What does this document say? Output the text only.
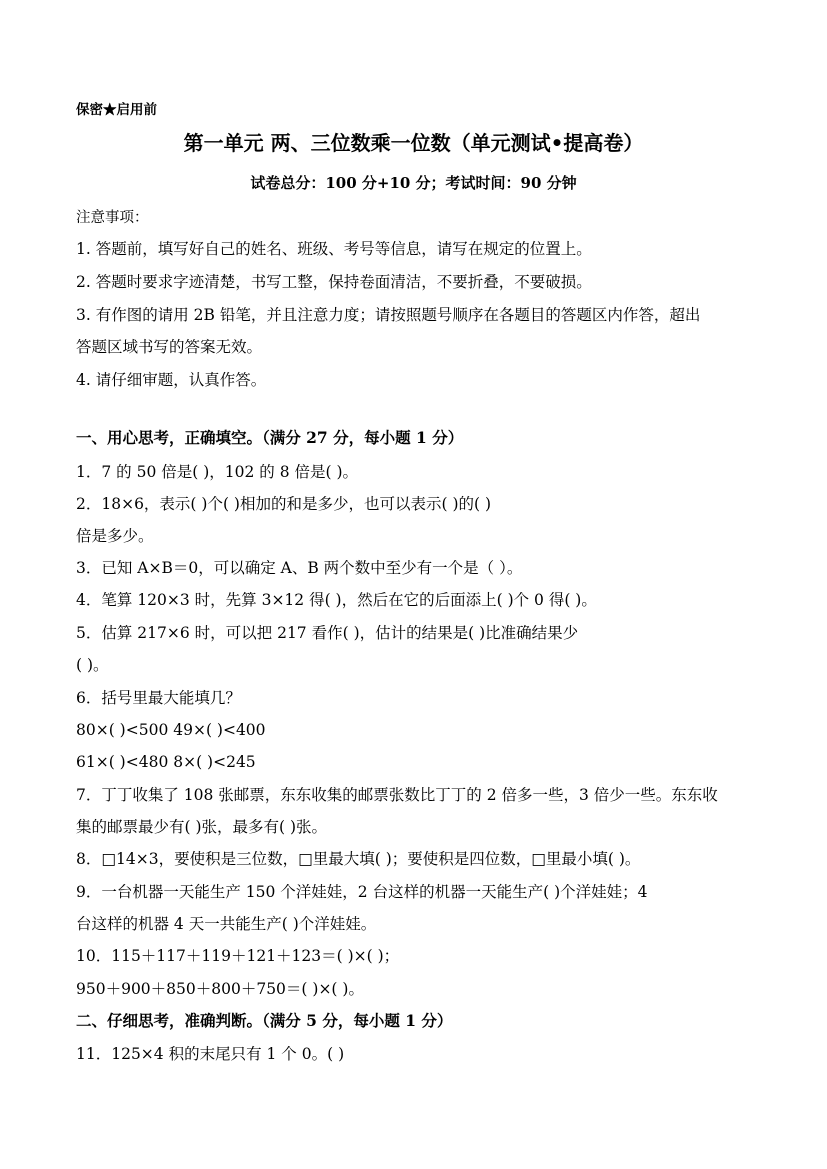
保密★启用前
第一单元 两、三位数乘一位数（单元测试•提高卷）
试卷总分：100 分+10 分；考试时间：90 分钟
注意事项：
1. 答题前，填写好自己的姓名、班级、考号等信息，请写在规定的位置上。
2. 答题时要求字迹清楚，书写工整，保持卷面清洁，不要折叠，不要破损。
3. 有作图的请用 2B 铅笔，并且注意力度；请按照题号顺序在各题目的答题区内作答，超出
答题区域书写的答案无效。
4. 请仔细审题，认真作答。
一、用心思考，正确填空。（满分 27 分，每小题 1 分）
1．7 的 50 倍是( )，102 的 8 倍是( )。
2．18×6，表示( )个( )相加的和是多少，也可以表示( )的( )
倍是多少。
3．已知 A×B＝0，可以确定 A、B 两个数中至少有一个是（ ）。
4．笔算 120×3 时，先算 3×12 得( )，然后在它的后面添上( )个 0 得( )。
5．估算 217×6 时，可以把 217 看作( )，估计的结果是( )比准确结果少
( )。
6．括号里最大能填几？
80×( )<500 49×( )<400
61×( )<480 8×( )<245
7．丁丁收集了 108 张邮票，东东收集的邮票张数比丁丁的 2 倍多一些，3 倍少一些。东东收
集的邮票最少有( )张，最多有( )张。
8．□14×3，要使积是三位数，□里最大填( )；要使积是四位数，□里最小填( )。
9．一台机器一天能生产 150 个洋娃娃，2 台这样的机器一天能生产( )个洋娃娃；4
台这样的机器 4 天一共能生产( )个洋娃娃。
10．115＋117＋119＋121＋123＝( )×( )；
950＋900＋850＋800＋750＝( )×( )。
二、仔细思考，准确判断。（满分 5 分，每小题 1 分）
11．125×4 积的末尾只有 1 个 0。( )
